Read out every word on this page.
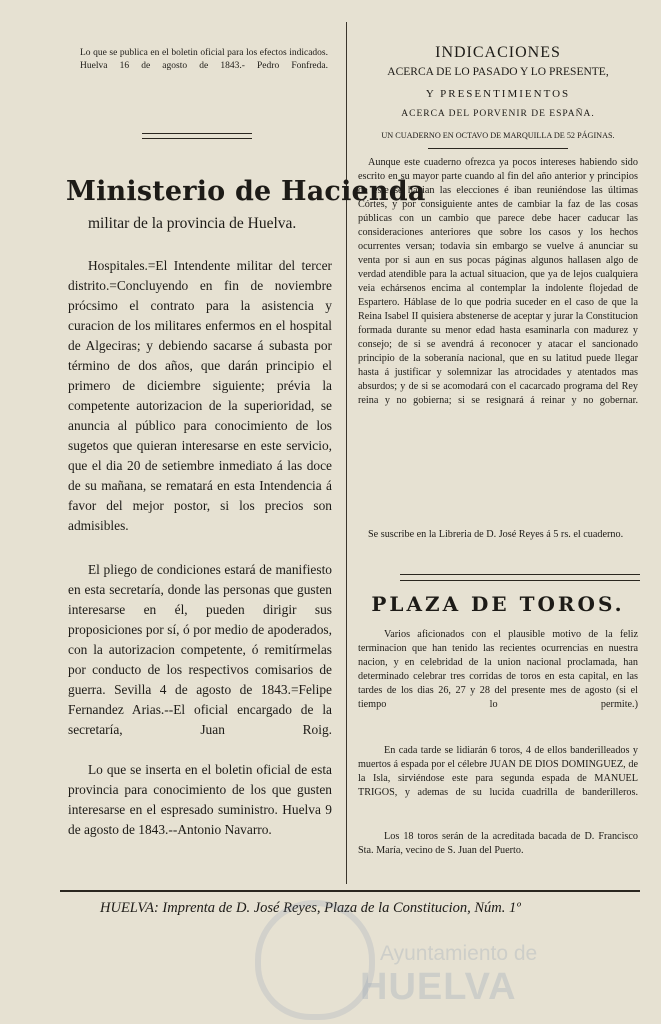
Lo que se publica en el boletin oficial para los efectos indicados. Huelva 16 de agosto de 1843.- Pedro Fonfreda.

Ministerio de Hacienda
militar de la provincia de Huelva.

Hospitales.=El Intendente militar del tercer distrito.=Concluyendo en fin de noviembre prócsimo el contrato para la asistencia y curacion de los militares enfermos en el hospital de Algeciras; y debiendo sacarse á subasta por término de dos años, que darán principio el primero de diciembre siguiente; prévia la competente autorizacion de la superioridad, se anuncia al público para conocimiento de los sugetos que quieran interesarse en este servicio, que el dia 20 de setiembre inmediato á las doce de su mañana, se rematará en esta Intendencia á favor del mejor postor, si los precios son admisibles.

El pliego de condiciones estará de manifiesto en esta secretaría, donde las personas que gusten interesarse en él, pueden dirigir sus proposiciones por sí, ó por medio de apoderados, con la autorizacion competente, ó remitírmelas por conducto de los respectivos comisarios de guerra. Sevilla 4 de agosto de 1843.=Felipe Fernandez Arias.--El oficial encargado de la secretaría, Juan Roig.

Lo que se inserta en el boletin oficial de esta provincia para conocimiento de los que gusten interesarse en el espresado suministro. Huelva 9 de agosto de 1843.--Antonio Navarro.

INDICACIONES
ACERCA DE LO PASADO Y LO PRESENTE,
Y PRESENTIMIENTOS
ACERCA DEL PORVENIR DE ESPAÑA.
UN CUADERNO EN OCTAVO DE MARQUILLA DE 52 PÁGINAS.

Aunque este cuaderno ofrezca ya pocos intereses habiendo sido escrito en su mayor parte cuando al fin del año anterior y principios de este se hacian las elecciones é iban reuniéndose las últimas Córtes, y por consiguiente antes de cambiar la faz de las cosas públicas con un cambio que parece debe hacer caducar las consideraciones anteriores que sobre los casos y los hechos ocurrentes versan; todavia sin embargo se vuelve á anunciar su venta por si aun en sus pocas páginas algunos hallasen algo de verdad atendible para la actual situacion, que ya de lejos cualquiera veia echársenos encima al contemplar la indolente flojedad de Espartero. Háblase de lo que podria suceder en el caso de que la Reina Isabel II quisiera abstenerse de aceptar y jurar la Constitucion formada durante su menor edad hasta esaminarla con madurez y consejo; de si se avendrá á reconocer y atacar el sancionado principio de la soberanía nacional, que en su latitud puede llegar hasta á justificar y solemnizar las atrocidades y atentados mas absurdos; y de si se acomodará con el cacarcado programa del Rey reina y no gobierna; si se resignará á reinar y no gobernar.

Se suscribe en la Libreria de D. José Reyes á 5 rs. el cuaderno.

PLAZA DE TOROS.

Varios aficionados con el plausible motivo de la feliz terminacion que han tenido las recientes ocurrencias en nuestra nacion, y en celebridad de la union nacional proclamada, han determinado celebrar tres corridas de toros en esta capital, en las tardes de los dias 26, 27 y 28 del presente mes de agosto (si el tiempo lo permite.)

En cada tarde se lidiarán 6 toros, 4 de ellos banderilleados y muertos á espada por el célebre JUAN DE DIOS DOMINGUEZ, de la Isla, sirviéndose este para segunda espada de MANUEL TRIGOS, y ademas de su lucida cuadrilla de banderilleros.

Los 18 toros serán de la acreditada bacada de D. Francisco Sta. María, vecino de S. Juan del Puerto.

HUELVA: Imprenta de D. José Reyes, Plaza de la Constitucion, Núm. 1º
Ayuntamiento de
HUELVA
